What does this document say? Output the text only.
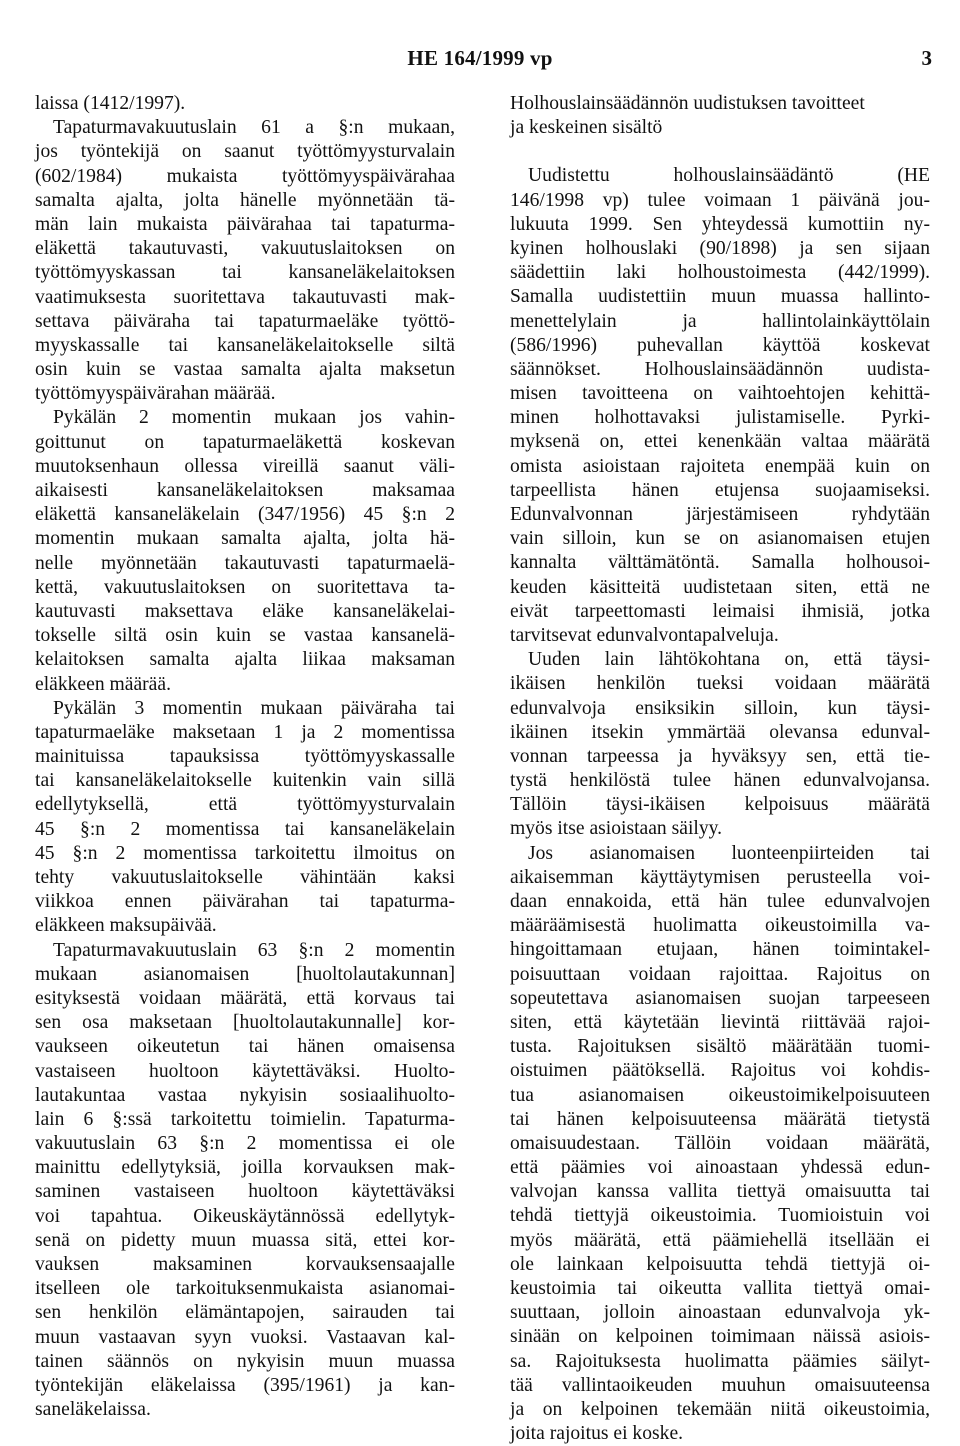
HE 164/1999 vp	3
laissa (1412/1997).
Tapaturmavakuutuslain 61 a §:n mukaan,
jos työntekijä on saanut työttömyysturvalain
(602/1984) mukaista työttömyyspäivärahaa
samalta ajalta, jolta hänelle myönnetään tä-
män lain mukaista päivärahaa tai tapaturma-
eläkettä takautuvasti, vakuutuslaitoksen on
työttömyyskassan tai kansaneläkelaitoksen
vaatimuksesta suoritettava takautuvasti mak-
settava päiväraha tai tapaturmaeläke työttö-
myyskassalle tai kansaneläkelaitokselle siltä
osin kuin se vastaa samalta ajalta maksetun
työttömyyspäivärahan määrää.
Pykälän 2 momentin mukaan jos vahin-
goittunut on tapaturmaeläkettä koskevan
muutoksenhaun ollessa vireillä saanut väli-
aikaisesti kansaneläkelaitoksen maksamaa
eläkettä kansaneläkelain (347/1956) 45 §:n 2
momentin mukaan samalta ajalta, jolta hä-
nelle myönnetään takautuvasti tapaturmaelä-
kettä, vakuutuslaitoksen on suoritettava ta-
kautuvasti maksettava eläke kansaneläkelai-
tokselle siltä osin kuin se vastaa kansanelä-
kelaitoksen samalta ajalta liikaa maksaman
eläkkeen määrää.
Pykälän 3 momentin mukaan päiväraha tai
tapaturmaeläke maksetaan 1 ja 2 momentissa
mainituissa tapauksissa työttömyyskassalle
tai kansaneläkelaitokselle kuitenkin vain sillä
edellytyksellä, että työttömyysturvalain
45 §:n 2 momentissa tai kansaneläkelain
45 §:n 2 momentissa tarkoitettu ilmoitus on
tehty vakuutuslaitokselle vähintään kaksi
viikkoa ennen päivärahan tai tapaturma-
eläkkeen maksupäivää.
Tapaturmavakuutuslain 63 §:n 2 momentin
mukaan asianomaisen [huoltolautakunnan]
esityksestä voidaan määrätä, että korvaus tai
sen osa maksetaan [huoltolautakunnalle] kor-
vaukseen oikeutetun tai hänen omaisensa
vastaiseen huoltoon käytettäväksi. Huolto-
lautakuntaa vastaa nykyisin sosiaalihuolto-
lain 6 §:ssä tarkoitettu toimielin. Tapaturma-
vakuutuslain 63 §:n 2 momentissa ei ole
mainittu edellytyksiä, joilla korvauksen mak-
saminen vastaiseen huoltoon käytettäväksi
voi tapahtua. Oikeuskäytännössä edellytyk-
senä on pidetty muun muassa sitä, ettei kor-
vauksen maksaminen korvauksensaajalle
itselleen ole tarkoituksenmukaista asianomai-
sen henkilön elämäntapojen, sairauden tai
muun vastaavan syyn vuoksi. Vastaavan kal-
tainen säännös on nykyisin muun muassa
työntekijän eläkelaissa (395/1961) ja kan-
saneläkelaissa.
Holhouslainsäädännön uudistuksen tavoitteet
ja keskeinen sisältö
Uudistettu holhouslainsäädäntö (HE
146/1998 vp) tulee voimaan 1 päivänä jou-
lukuuta 1999. Sen yhteydessä kumottiin ny-
kyinen holhouslaki (90/1898) ja sen sijaan
säädettiin laki holhoustoimesta (442/1999).
Samalla uudistettiin muun muassa hallinto-
menettelylain ja hallintolainkäyttölain
(586/1996) puhevallan käyttöä koskevat
säännökset. Holhouslainsäädännön uudista-
misen tavoitteena on vaihtoehtojen kehittä-
minen holhottavaksi julistamiselle. Pyrki-
myksenä on, ettei kenenkään valtaa määrätä
omista asioistaan rajoiteta enempää kuin on
tarpeellista hänen etujensa suojaamiseksi.
Edunvalvonnan järjestämiseen ryhdytään
vain silloin, kun se on asianomaisen etujen
kannalta välttämätöntä. Samalla holhousoi-
keuden käsitteitä uudistetaan siten, että ne
eivät tarpeettomasti leimaisi ihmisiä, jotka
tarvitsevat edunvalvontapalveluja.
Uuden lain lähtökohtana on, että täysi-
ikäisen henkilön tueksi voidaan määrätä
edunvalvoja ensiksikin silloin, kun täysi-
ikäinen itsekin ymmärtää olevansa edunval-
vonnan tarpeessa ja hyväksyy sen, että tie-
tystä henkilöstä tulee hänen edunvalvojansa.
Tällöin täysi-ikäisen kelpoisuus määrätä
myös itse asioistaan säilyy.
Jos asianomaisen luonteenpiirteiden tai
aikaisemman käyttäytymisen perusteella voi-
daan ennakoida, että hän tulee edunvalvojen
määräämisestä huolimatta oikeustoimilla va-
hingoittamaan etujaan, hänen toimintakel-
poisuuttaan voidaan rajoittaa. Rajoitus on
sopeutettava asianomaisen suojan tarpeeseen
siten, että käytetään lievintä riittävää rajoi-
tusta. Rajoituksen sisältö määrätään tuomi-
oistuimen päätöksellä. Rajoitus voi kohdis-
tua asianomaisen oikeustoimikelpoisuuteen
tai hänen kelpoisuuteensa määrätä tietystä
omaisuudestaan. Tällöin voidaan määrätä,
että päämies voi ainoastaan yhdessä edun-
valvojan kanssa vallita tiettyä omaisuutta tai
tehdä tiettyjä oikeustoimia. Tuomioistuin voi
myös määrätä, että päämiehellä itsellään ei
ole lainkaan kelpoisuutta tehdä tiettyjä oi-
keustoimia tai oikeutta vallita tiettyä omai-
suuttaan, jolloin ainoastaan edunvalvoja yk-
sinään on kelpoinen toimimaan näissä asiois-
sa. Rajoituksesta huolimatta päämies säilyt-
tää vallintaoikeuden muuhun omaisuuteensa
ja on kelpoinen tekemään niitä oikeustoimia,
joita rajoitus ei koske.
